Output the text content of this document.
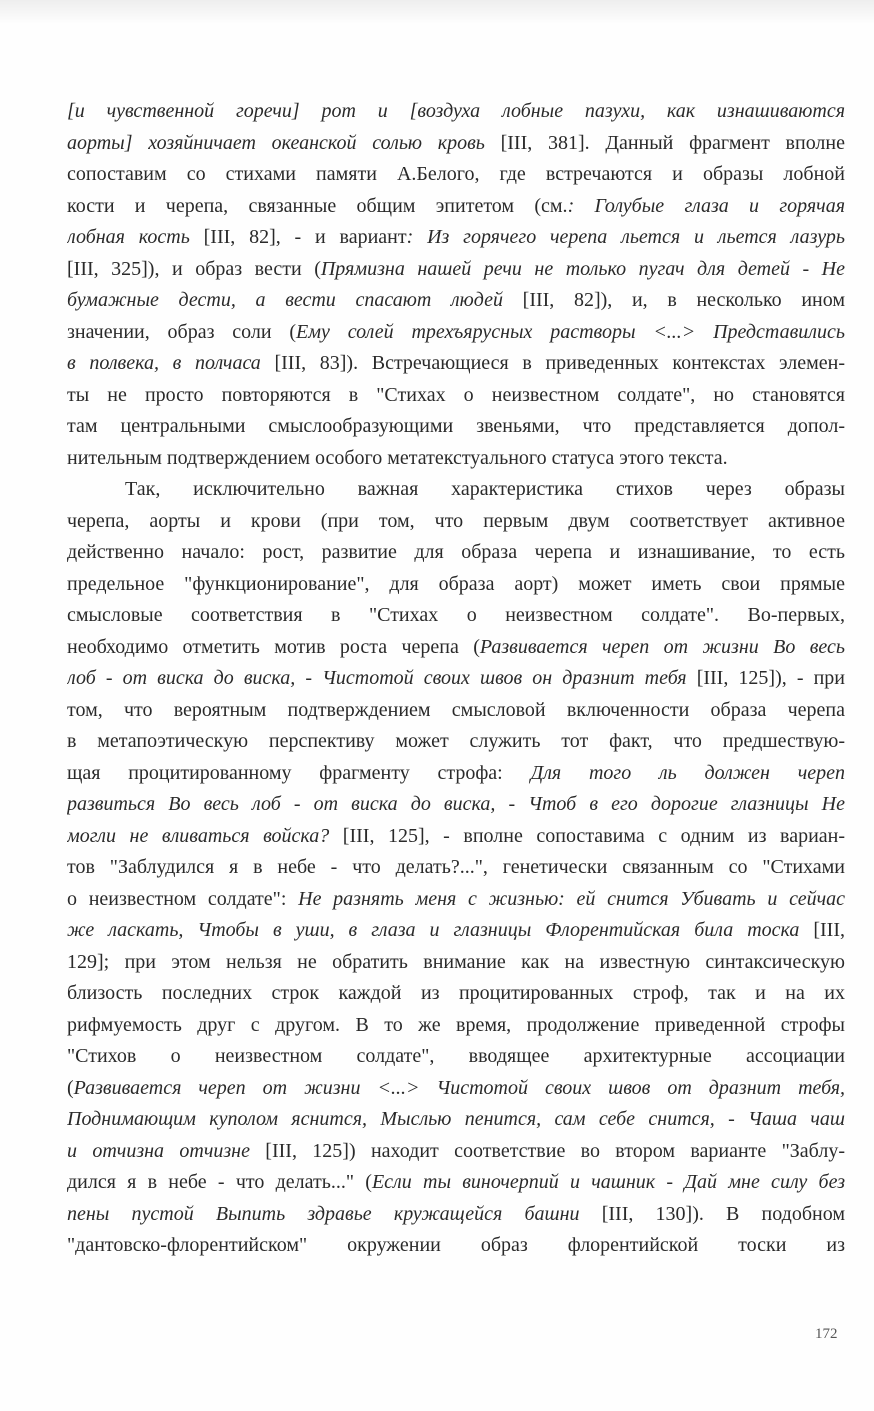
[и чувственной горечи] рот и [воздуха лобные пазухи, как изнашиваются
аорты] хозяйничает океанской солью кровь [III, 381]. Данный фрагмент вполне
сопоставим со стихами памяти А.Белого, где встречаются и образы лобной
кости и черепа, связанные общим эпитетом (см.: Голубые глаза и горячая
лобная кость [III, 82], - и вариант: Из горячего черепа льется и льется лазурь
[III, 325]), и образ вести (Прямизна нашей речи не только пугач для детей - Не
бумажные дести, а вести спасают людей [III, 82]), и, в несколько ином
значении, образ соли (Ему солей трехъярусных растворы <...> Представились
в полвека, в полчаса [III, 83]). Встречающиеся в приведенных контекстах элемен-
ты не просто повторяются в "Стихах о неизвестном солдате", но становятся
там центральными смыслообразующими звеньями, что представляется допол-
нительным подтверждением особого метатекстуального статуса этого текста.
Так, исключительно важная характеристика стихов через образы
черепа, аорты и крови (при том, что первым двум соответствует активное
действенно начало: рост, развитие для образа черепа и изнашивание, то есть
предельное "функционирование", для образа аорт) может иметь свои прямые
смысловые соответствия в "Стихах о неизвестном солдате". Во-первых,
необходимо отметить мотив роста черепа (Развивается череп от жизни Во весь
лоб - от виска до виска, - Чистотой своих швов он дразнит тебя [III, 125]), - при
том, что вероятным подтверждением смысловой включенности образа черепа
в метапоэтическую перспективу может служить тот факт, что предшествую-
щая процитированному фрагменту строфа: Для того ль должен череп
развиться Во весь лоб - от виска до виска, - Чтоб в его дорогие глазницы Не
могли не вливаться войска? [III, 125], - вполне сопоставима с одним из вариан-
тов "Заблудился я в небе - что делать?...", генетически связанным со "Стихами
о неизвестном солдате": Не разнять меня с жизнью: ей снится Убивать и сейчас
же ласкать, Чтобы в уши, в глаза и глазницы Флорентийская била тоска [III,
129]; при этом нельзя не обратить внимание как на известную синтаксическую
близость последних строк каждой из процитированных строф, так и на их
рифмуемость друг с другом. В то же время, продолжение приведенной строфы
"Стихов о неизвестном солдате", вводящее архитектурные ассоциации
(Развивается череп от жизни <...> Чистотой своих швов от дразнит тебя,
Поднимающим куполом яснится, Мыслью пенится, сам себе снится, - Чаша чаш
и отчизна отчизне [III, 125]) находит соответствие во втором варианте "Заблу-
дился я в небе - что делать..." (Если ты виночерпий и чашник - Дай мне силу без
пены пустой Выпить здравье кружащейся башни [III, 130]). В подобном
"дантовско-флорентийском" окружении образ флорентийской тоски из
172
